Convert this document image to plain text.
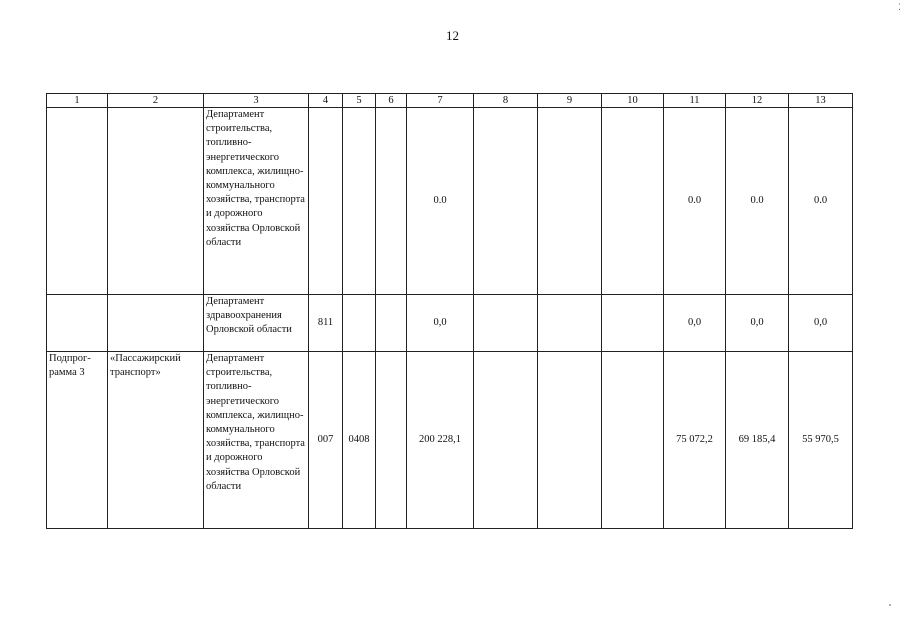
12
1	2	3	4	5	6	7	8	9	10	11	12	13
		Департамент строительства, топливно-энергетического комплекса, жилищно-коммунального хозяйства, транспорта и дорожного хозяйства Орловской области				0.0				0.0	0.0	0.0
		Департамент здравоохранения Орловской области	811			0,0				0,0	0,0	0,0
Подпрог-рамма 3	«Пассажирский транспорт»	Департамент строительства, топливно-энергетического комплекса, жилищно-коммунального хозяйства, транспорта и дорожного хозяйства Орловской области	007	0408		200 228,1				75 072,2	69 185,4	55 970,5
⁚
